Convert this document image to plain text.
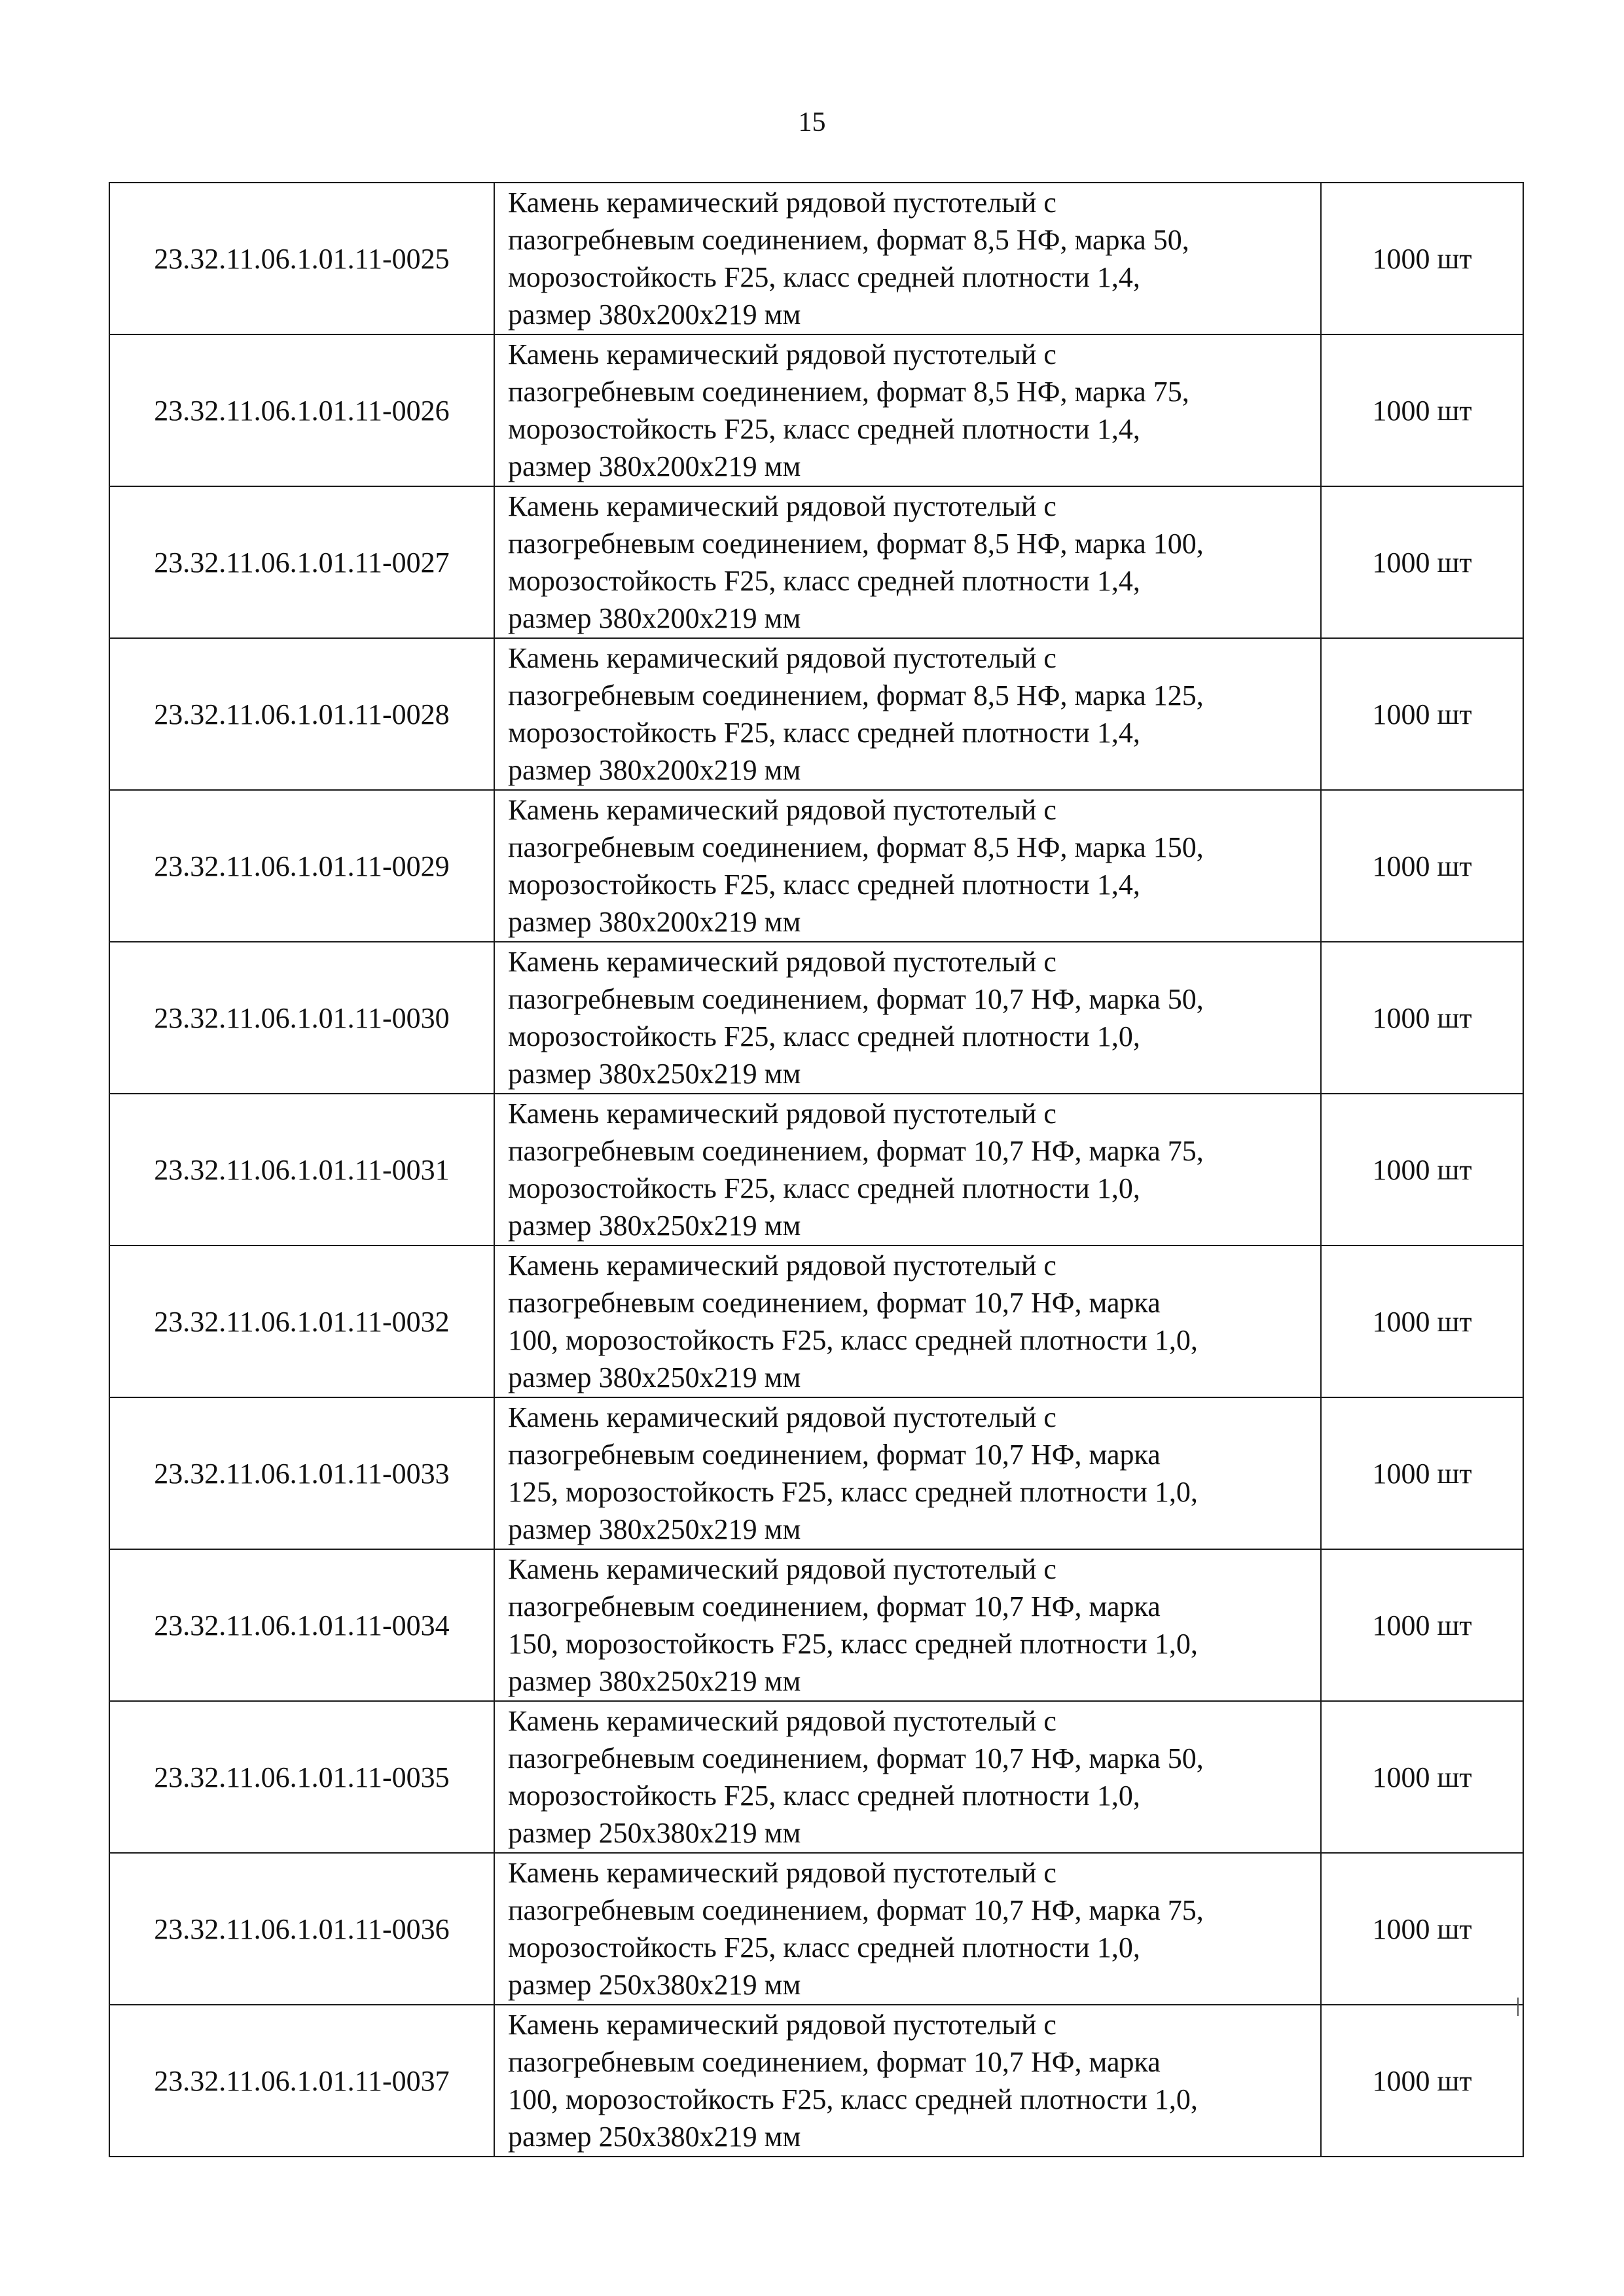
15
23.32.11.06.1.01.11-0025	Камень керамический рядовой пустотелый с
пазогребневым соединением, формат 8,5 НФ, марка 50,
морозостойкость F25, класс средней плотности 1,4,
размер 380х200х219 мм	1000 шт
23.32.11.06.1.01.11-0026	Камень керамический рядовой пустотелый с
пазогребневым соединением, формат 8,5 НФ, марка 75,
морозостойкость F25, класс средней плотности 1,4,
размер 380х200х219 мм	1000 шт
23.32.11.06.1.01.11-0027	Камень керамический рядовой пустотелый с
пазогребневым соединением, формат 8,5 НФ, марка 100,
морозостойкость F25, класс средней плотности 1,4,
размер 380х200х219 мм	1000 шт
23.32.11.06.1.01.11-0028	Камень керамический рядовой пустотелый с
пазогребневым соединением, формат 8,5 НФ, марка 125,
морозостойкость F25, класс средней плотности 1,4,
размер 380х200х219 мм	1000 шт
23.32.11.06.1.01.11-0029	Камень керамический рядовой пустотелый с
пазогребневым соединением, формат 8,5 НФ, марка 150,
морозостойкость F25, класс средней плотности 1,4,
размер 380х200х219 мм	1000 шт
23.32.11.06.1.01.11-0030	Камень керамический рядовой пустотелый с
пазогребневым соединением, формат 10,7 НФ, марка 50,
морозостойкость F25, класс средней плотности 1,0,
размер 380х250х219 мм	1000 шт
23.32.11.06.1.01.11-0031	Камень керамический рядовой пустотелый с
пазогребневым соединением, формат 10,7 НФ, марка 75,
морозостойкость F25, класс средней плотности 1,0,
размер 380х250х219 мм	1000 шт
23.32.11.06.1.01.11-0032	Камень керамический рядовой пустотелый с
пазогребневым соединением, формат 10,7 НФ, марка
100, морозостойкость F25, класс средней плотности 1,0,
размер 380х250х219 мм	1000 шт
23.32.11.06.1.01.11-0033	Камень керамический рядовой пустотелый с
пазогребневым соединением, формат 10,7 НФ, марка
125, морозостойкость F25, класс средней плотности 1,0,
размер 380х250х219 мм	1000 шт
23.32.11.06.1.01.11-0034	Камень керамический рядовой пустотелый с
пазогребневым соединением, формат 10,7 НФ, марка
150, морозостойкость F25, класс средней плотности 1,0,
размер 380х250х219 мм	1000 шт
23.32.11.06.1.01.11-0035	Камень керамический рядовой пустотелый с
пазогребневым соединением, формат 10,7 НФ, марка 50,
морозостойкость F25, класс средней плотности 1,0,
размер 250х380х219 мм	1000 шт
23.32.11.06.1.01.11-0036	Камень керамический рядовой пустотелый с
пазогребневым соединением, формат 10,7 НФ, марка 75,
морозостойкость F25, класс средней плотности 1,0,
размер 250х380х219 мм	1000 шт
23.32.11.06.1.01.11-0037	Камень керамический рядовой пустотелый с
пазогребневым соединением, формат 10,7 НФ, марка
100, морозостойкость F25, класс средней плотности 1,0,
размер 250х380х219 мм	1000 шт
